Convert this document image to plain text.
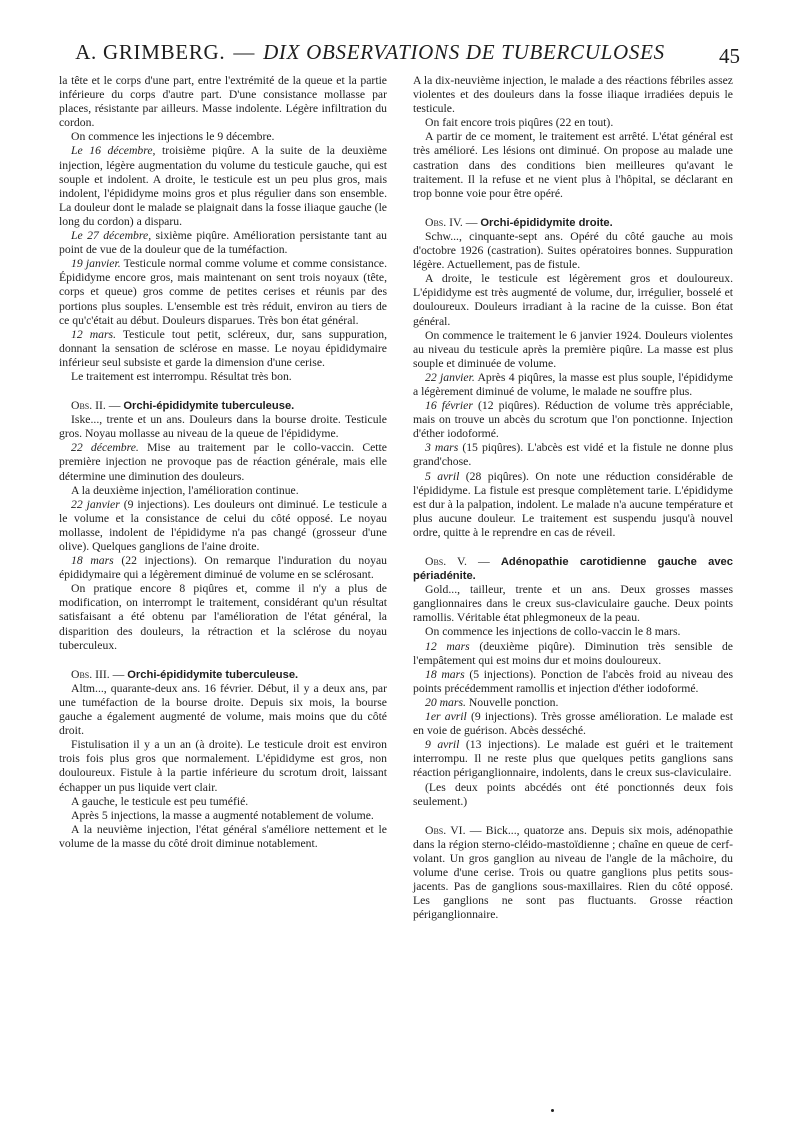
A. GRIMBERG. — DIX OBSERVATIONS DE TUBERCULOSES	45

la tête et le corps d'une part, entre l'extrémité de la queue et la partie inférieure du corps d'autre part. D'une consistance mollasse par places, résistante par ailleurs. Masse indolente. Légère infiltration du cordon.

On commence les injections le 9 décembre.

Le 16 décembre, troisième piqûre. A la suite de la deuxième injection, légère augmentation du volume du testicule gauche, qui est souple et indolent. A droite, le testicule est un peu plus gros, mais indolent, l'épididyme moins gros et plus régulier dans son ensemble. La douleur dont le malade se plaignait dans la fosse iliaque gauche (le long du cordon) a disparu.

Le 27 décembre, sixième piqûre. Amélioration persistante tant au point de vue de la douleur que de la tuméfaction.

19 janvier. Testicule normal comme volume et comme consistance. Épididyme encore gros, mais maintenant on sent trois noyaux (tête, corps et queue) gros comme de petites cerises et réunis par des portions plus souples. L'ensemble est très réduit, environ au tiers de ce qu'c'était au début. Douleurs disparues. Très bon état général.

12 mars. Testicule tout petit, scléreux, dur, sans suppuration, donnant la sensation de sclérose en masse. Le noyau épididymaire inférieur seul subsiste et garde la dimension d'une cerise.

Le traitement est interrompu. Résultat très bon.

Obs. II. — Orchi-épididymite tuberculeuse.

Iske..., trente et un ans. Douleurs dans la bourse droite. Testicule gros. Noyau mollasse au niveau de la queue de l'épididyme.

22 décembre. Mise au traitement par le collo-vaccin. Cette première injection ne provoque pas de réaction générale, mais elle détermine une diminution des douleurs.

A la deuxième injection, l'amélioration continue.

22 janvier (9 injections). Les douleurs ont diminué. Le testicule a le volume et la consistance de celui du côté opposé. Le noyau mollasse, indolent de l'épididyme n'a pas changé (grosseur d'une olive). Quelques ganglions de l'aine droite.

18 mars (22 injections). On remarque l'induration du noyau épididymaire qui a légèrement diminué de volume en se sclérosant.

On pratique encore 8 piqûres et, comme il n'y a plus de modification, on interrompt le traitement, considérant qu'un résultat satisfaisant a été obtenu par l'amélioration de l'état général, la disparition des douleurs, la rétraction et la sclérose du noyau tuberculeux.

Obs. III. — Orchi-épididymite tuberculeuse.

Altm..., quarante-deux ans. 16 février. Début, il y a deux ans, par une tuméfaction de la bourse droite. Depuis six mois, la bourse gauche a également augmenté de volume, mais moins que du côté droit.

Fistulisation il y a un an (à droite). Le testicule droit est environ trois fois plus gros que normalement. L'épididyme est gros, non douloureux. Fistule à la partie inférieure du scrotum droit, laissant échapper un pus liquide vert clair.

A gauche, le testicule est peu tuméfié.

Après 5 injections, la masse a augmenté notablement de volume.

A la neuvième injection, l'état général s'améliore nettement et le volume de la masse du côté droit diminue notablement.

A la dix-neuvième injection, le malade a des réactions fébriles assez violentes et des douleurs dans la fosse iliaque irradiées depuis le testicule.

On fait encore trois piqûres (22 en tout).

A partir de ce moment, le traitement est arrêté. L'état général est très amélioré. Les lésions ont diminué. On propose au malade une castration dans des conditions bien meilleures qu'avant le traitement. Il la refuse et ne vient plus à l'hôpital, se déclarant en trop bonne voie pour être opéré.

Obs. IV. — Orchi-épididymite droite.

Schw..., cinquante-sept ans. Opéré du côté gauche au mois d'octobre 1926 (castration). Suites opératoires bonnes. Suppuration légère. Actuellement, pas de fistule.

A droite, le testicule est légèrement gros et douloureux. L'épididyme est très augmenté de volume, dur, irrégulier, bosselé et douloureux. Douleurs irradiant à la racine de la cuisse. Bon état général.

On commence le traitement le 6 janvier 1924. Douleurs violentes au niveau du testicule après la première piqûre. La masse est plus souple et diminuée de volume.

22 janvier. Après 4 piqûres, la masse est plus souple, l'épididyme a légèrement diminué de volume, le malade ne souffre plus.

16 février (12 piqûres). Réduction de volume très appréciable, mais on trouve un abcès du scrotum que l'on ponctionne. Injection d'éther iodoformé.

3 mars (15 piqûres). L'abcès est vidé et la fistule ne donne plus grand'chose.

5 avril (28 piqûres). On note une réduction considérable de l'épididyme. La fistule est presque complètement tarie. L'épididyme est dur à la palpation, indolent. Le malade n'a aucune température et plus aucune douleur. Le traitement est suspendu jusqu'à nouvel ordre, quitte à le reprendre en cas de réveil.

Obs. V. — Adénopathie carotidienne gauche avec périadénite.

Gold..., tailleur, trente et un ans. Deux grosses masses ganglionnaires dans le creux sus-claviculaire gauche. Deux points ramollis. Véritable état phlegmoneux de la peau.

On commence les injections de collo-vaccin le 8 mars.

12 mars (deuxième piqûre). Diminution très sensible de l'empâtement qui est moins dur et moins douloureux.

18 mars (5 injections). Ponction de l'abcès froid au niveau des points précédemment ramollis et injection d'éther iodoformé.

20 mars. Nouvelle ponction.

1er avril (9 injections). Très grosse amélioration. Le malade est en voie de guérison. Abcès desséché.

9 avril (13 injections). Le malade est guéri et le traitement interrompu. Il ne reste plus que quelques petits ganglions sans réaction périganglionnaire, indolents, dans le creux sus-claviculaire.

(Les deux points abcédés ont été ponctionnés deux fois seulement.)

Obs. VI. — Bick..., quatorze ans. Depuis six mois, adénopathie dans la région sterno-cléido-mastoïdienne ; chaîne en queue de cerf-volant. Un gros ganglion au niveau de l'angle de la mâchoire, du volume d'une cerise. Trois ou quatre ganglions plus petits sous-jacents. Pas de ganglions sous-maxillaires. Rien du côté opposé. Les ganglions ne sont pas fluctuants. Grosse réaction périganglionnaire.
